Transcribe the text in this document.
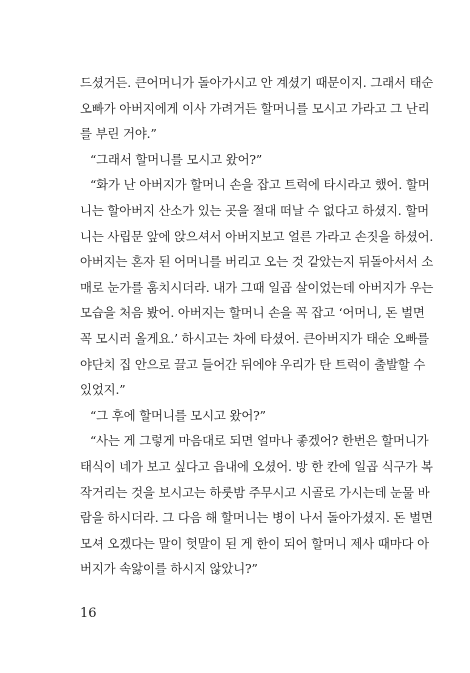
드셨거든. 큰어머니가 돌아가시고 안 계셨기 때문이지. 그래서 태순
오빠가 아버지에게 이사 가려거든 할머니를 모시고 가라고 그 난리
를 부린 거야.”
“그래서 할머니를 모시고 왔어?”
“화가 난 아버지가 할머니 손을 잡고 트럭에 타시라고 했어. 할머
니는 할아버지 산소가 있는 곳을 절대 떠날 수 없다고 하셨지. 할머
니는 사립문 앞에 앉으셔서 아버지보고 얼른 가라고 손짓을 하셨어.
아버지는 혼자 된 어머니를 버리고 오는 것 같았는지 뒤돌아서서 소
매로 눈가를 훔치시더라. 내가 그때 일곱 살이었는데 아버지가 우는
모습을 처음 봤어. 아버지는 할머니 손을 꼭 잡고 ‘어머니, 돈 벌면
꼭 모시러 올게요.’ 하시고는 차에 타셨어. 큰아버지가 태순 오빠를
야단치 집 안으로 끌고 들어간 뒤에야 우리가 탄 트럭이 출발할 수
있었지.”
“그 후에 할머니를 모시고 왔어?”
“사는 게 그렇게 마음대로 되면 얼마나 좋겠어? 한번은 할머니가
태식이 네가 보고 싶다고 읍내에 오셨어. 방 한 칸에 일곱 식구가 복
작거리는 것을 보시고는 하룻밤 주무시고 시골로 가시는데 눈물 바
람을 하시더라. 그 다음 해 할머니는 병이 나서 돌아가셨지. 돈 벌면
모셔 오겠다는 말이 헛말이 된 게 한이 되어 할머니 제사 때마다 아
버지가 속앓이를 하시지 않았니?”
16
